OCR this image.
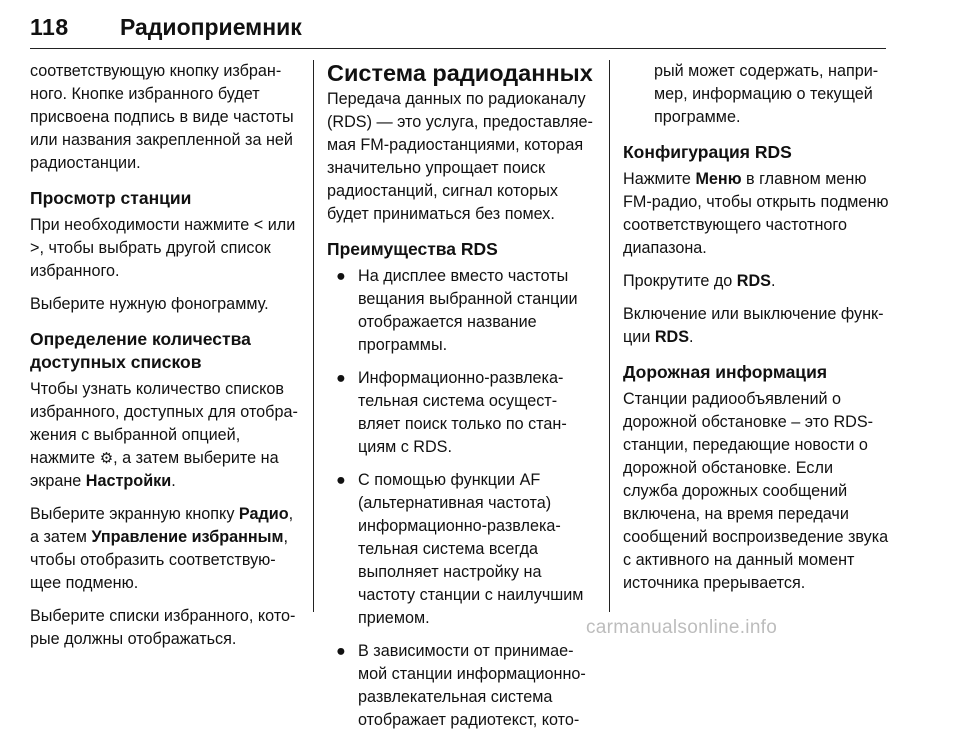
118 Радиоприемник

соответствующую кнопку избран-ного. Кнопке избранного будет присвоена подпись в виде частоты или названия закрепленной за ней радиостанции.

Просмотр станции

При необходимости нажмите < или >, чтобы выбрать другой список избранного.

Выберите нужную фонограмму.

Определение количества доступных списков

Чтобы узнать количество списков избранного, доступных для отобра-жения с выбранной опцией, нажмите ⚙, а затем выберите на экране Настройки.

Выберите экранную кнопку Радио, а затем Управление избранным, чтобы отобразить соответствую-щее подменю.

Выберите списки избранного, кото-рые должны отображаться.

Система радиоданных

Передача данных по радиоканалу (RDS) — это услуга, предоставляе-мая FM-радиостанциями, которая значительно упрощает поиск радиостанций, сигнал которых будет приниматься без помех.

Преимущества RDS
● На дисплее вместо частоты вещания выбранной станции отображается название программы.
● Информационно-развлека-тельная система осущест-вляет поиск только по стан-циям с RDS.
● С помощью функции AF (альтернативная частота) информационно-развлека-тельная система всегда выполняет настройку на частоту станции с наилучшим приемом.
● В зависимости от принимае-мой станции информационно-развлекательная система отображает радиотекст, кото-

рый может содержать, напри-мер, информацию о текущей программе.

Конфигурация RDS

Нажмите Меню в главном меню FM-радио, чтобы открыть подменю соответствующего частотного диапазона.

Прокрутите до RDS.

Включение или выключение функ-ции RDS.

Дорожная информация

Станции радиообъявлений о дорожной обстановке – это RDS-станции, передающие новости о дорожной обстановке. Если служба дорожных сообщений включена, на время передачи сообщений воспроизведение звука с активного на данный момент источника прерывается.

carmanualsonline.info
